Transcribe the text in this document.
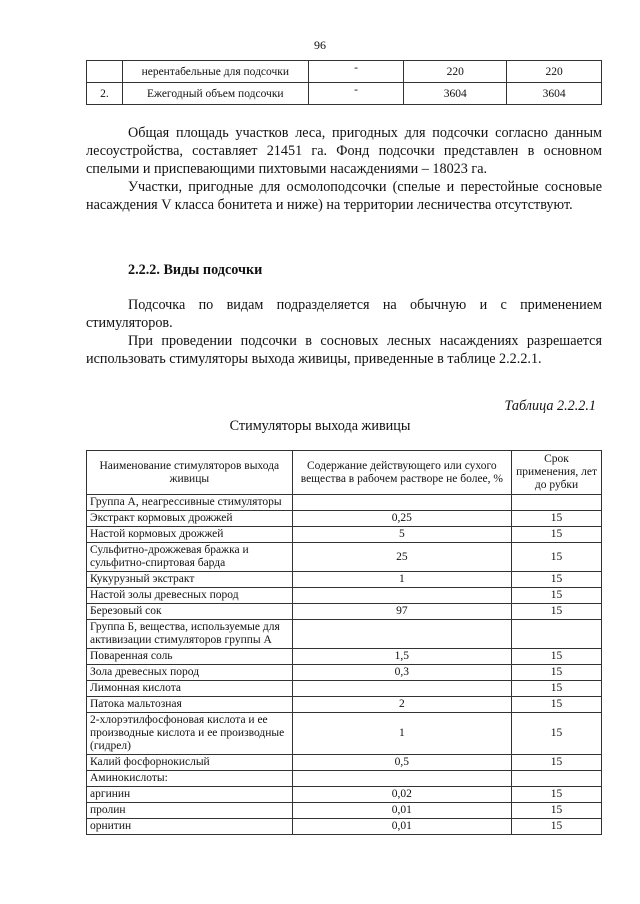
96
	нерентабельные для подсочки	-	220	220
2.	Ежегодный объем подсочки	-	3604	3604

Общая площадь участков леса, пригодных для подсочки согласно данным лесоустройства, составляет 21451 га. Фонд подсочки представлен в основном спелыми и приспевающими пихтовыми насаждениями – 18023 га.

Участки, пригодные для осмолоподсочки (спелые и перестойные сосновые насаждения V класса бонитета и ниже) на территории лесничества отсутствуют.

2.2.2. Виды подсочки

Подсочка по видам подразделяется на обычную и с применением стимуляторов.

При проведении подсочки в сосновых лесных насаждениях разрешается использовать стимуляторы выхода живицы, приведенные в таблице 2.2.2.1.

Таблица 2.2.2.1
Стимуляторы выхода живицы
Наименование стимуляторов выхода живицы	Содержание действующего или сухого вещества в рабочем растворе не более, %	Срок применения, лет до рубки
Группа А, неагрессивные стимуляторы		
Экстракт кормовых дрожжей	0,25	15
Настой кормовых дрожжей	5	15
Сульфитно-дрожжевая бражка и сульфитно-спиртовая барда	25	15
Кукурузный экстракт	1	15
Настой золы древесных пород		15
Березовый сок	97	15
Группа Б, вещества, используемые для активизации стимуляторов группы А		
Поваренная соль	1,5	15
Зола древесных пород	0,3	15
Лимонная кислота		15
Патока мальтозная	2	15
2-хлорэтилфосфоновая кислота и ее производные кислота и ее производные (гидрел)	1	15
Калий фосфорнокислый	0,5	15
Аминокислоты:		
аргинин	0,02	15
пролин	0,01	15
орнитин	0,01	15
